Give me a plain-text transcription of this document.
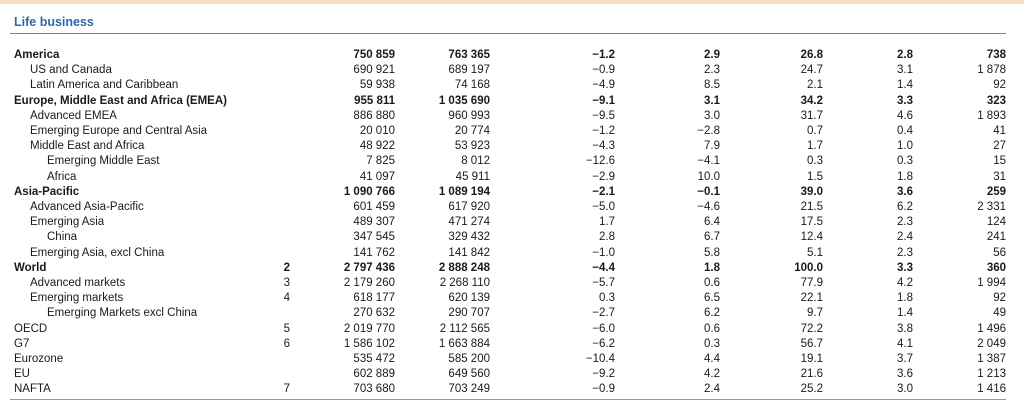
Life business
America		750 859	763 365	−1.2	2.9	26.8	2.8	738
US and Canada		690 921	689 197	−0.9	2.3	24.7	3.1	1 878
Latin America and Caribbean		59 938	74 168	−4.9	8.5	2.1	1.4	92
Europe, Middle East and Africa (EMEA)		955 811	1 035 690	−9.1	3.1	34.2	3.3	323
Advanced EMEA		886 880	960 993	−9.5	3.0	31.7	4.6	1 893
Emerging Europe and Central Asia		20 010	20 774	−1.2	−2.8	0.7	0.4	41
Middle East and Africa		48 922	53 923	−4.3	7.9	1.7	1.0	27
Emerging Middle East		7 825	8 012	−12.6	−4.1	0.3	0.3	15
Africa		41 097	45 911	−2.9	10.0	1.5	1.8	31
Asia-Pacific		1 090 766	1 089 194	−2.1	−0.1	39.0	3.6	259
Advanced Asia-Pacific		601 459	617 920	−5.0	−4.6	21.5	6.2	2 331
Emerging Asia		489 307	471 274	1.7	6.4	17.5	2.3	124
China		347 545	329 432	2.8	6.7	12.4	2.4	241
Emerging Asia, excl China		141 762	141 842	−1.0	5.8	5.1	2.3	56
World	2	2 797 436	2 888 248	−4.4	1.8	100.0	3.3	360
Advanced markets	3	2 179 260	2 268 110	−5.7	0.6	77.9	4.2	1 994
Emerging markets	4	618 177	620 139	0.3	6.5	22.1	1.8	92
Emerging Markets excl China		270 632	290 707	−2.7	6.2	9.7	1.4	49
OECD	5	2 019 770	2 112 565	−6.0	0.6	72.2	3.8	1 496
G7	6	1 586 102	1 663 884	−6.2	0.3	56.7	4.1	2 049
Eurozone		535 472	585 200	−10.4	4.4	19.1	3.7	1 387
EU		602 889	649 560	−9.2	4.2	21.6	3.6	1 213
NAFTA	7	703 680	703 249	−0.9	2.4	25.2	3.0	1 416
